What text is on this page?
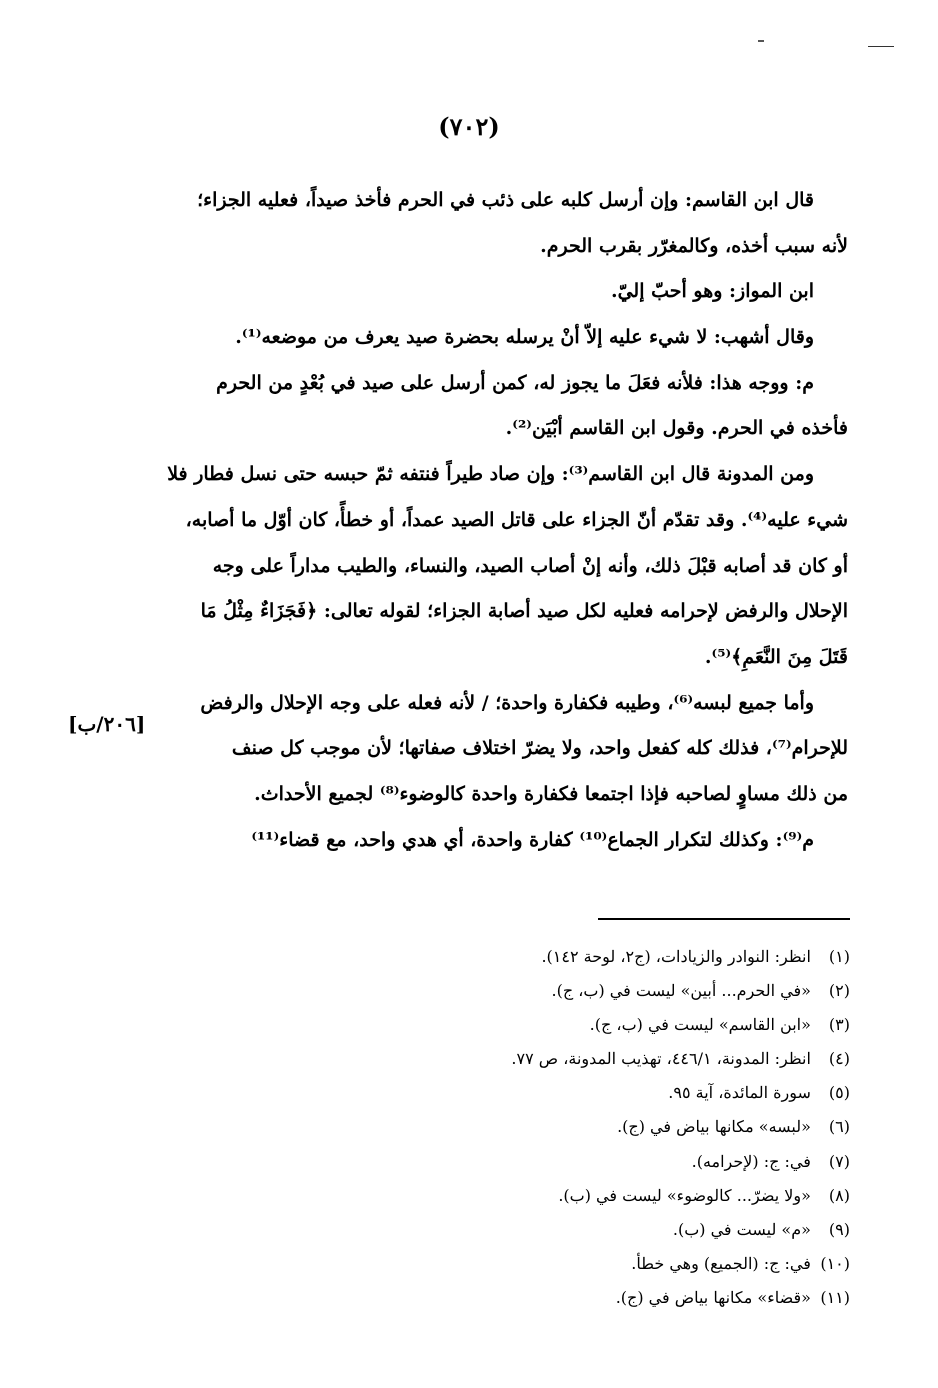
(٧٠٢)
قال ابن القاسم: وإن أرسل كلبه على ذئب في الحرم فأخذ صيداً، فعليه الجزاء؛
لأنه سبب أخذه، وكالمغرّر بقرب الحرم.
ابن المواز: وهو أحبّ إليّ.
وقال أشهب: لا شيء عليه إلاّ أنْ يرسله بحضرة صيد يعرف من موضعه⁽¹⁾.
م: ووجه هذا: فلأنه فعَلَ ما يجوز له، كمن أرسل على صيد في بُعْدٍ من الحرم
فأخذه في الحرم. وقول ابن القاسم أبْيَن⁽²⁾.
ومن المدونة قال ابن القاسم⁽³⁾: وإن صاد طيراً فنتفه ثمّ حبسه حتى نسل فطار فلا
شيء عليه⁽⁴⁾. وقد تقدّم أنّ الجزاء على قاتل الصيد عمداً، أو خطأً، كان أوّل ما أصابه،
أو كان قد أصابه قبْلَ ذلك، وأنه إنْ أصاب الصيد، والنساء، والطيب مداراً على وجه
الإحلال والرفض لإحرامه فعليه لكل صيد أصابة الجزاء؛ لقوله تعالى: ﴿فَجَزَاءٌ مِثْلُ مَا
قَتَلَ مِنَ النَّعَمِ﴾⁽⁵⁾.
وأما جميع لبسه⁽⁶⁾، وطيبه فكفارة واحدة؛ / لأنه فعله على وجه الإحلال والرفض
للإحرام⁽⁷⁾، فذلك كله كفعل واحد، ولا يضرّ اختلاف صفاتها؛ لأن موجب كل صنف
من ذلك مساوٍ لصاحبه فإذا اجتمعا فكفارة واحدة كالوضوء⁽⁸⁾ لجميع الأحداث.
م⁽⁹⁾: وكذلك لتكرار الجماع⁽¹⁰⁾ كفارة واحدة، أي هدي واحد، مع قضاء⁽¹¹⁾
[٢٠٦/ب]
(١) انظر: النوادر والزيادات، (ج٢، لوحة ١٤٢).
(٢) «في الحرم... أبين» ليست في (ب، ج).
(٣) «ابن القاسم» ليست في (ب، ج).
(٤) انظر: المدونة، ٤٤٦/١، تهذيب المدونة، ص ٧٧.
(٥) سورة المائدة، آية ٩٥.
(٦) «لبسه» مكانها بياض في (ج).
(٧) في: ج: (لإحرامه).
(٨) «ولا يضرّ... كالوضوء» ليست في (ب).
(٩) «م» ليست في (ب).
(١٠) في: ج: (الجميع) وهي خطأ.
(١١) «قضاء» مكانها بياض في (ج).
